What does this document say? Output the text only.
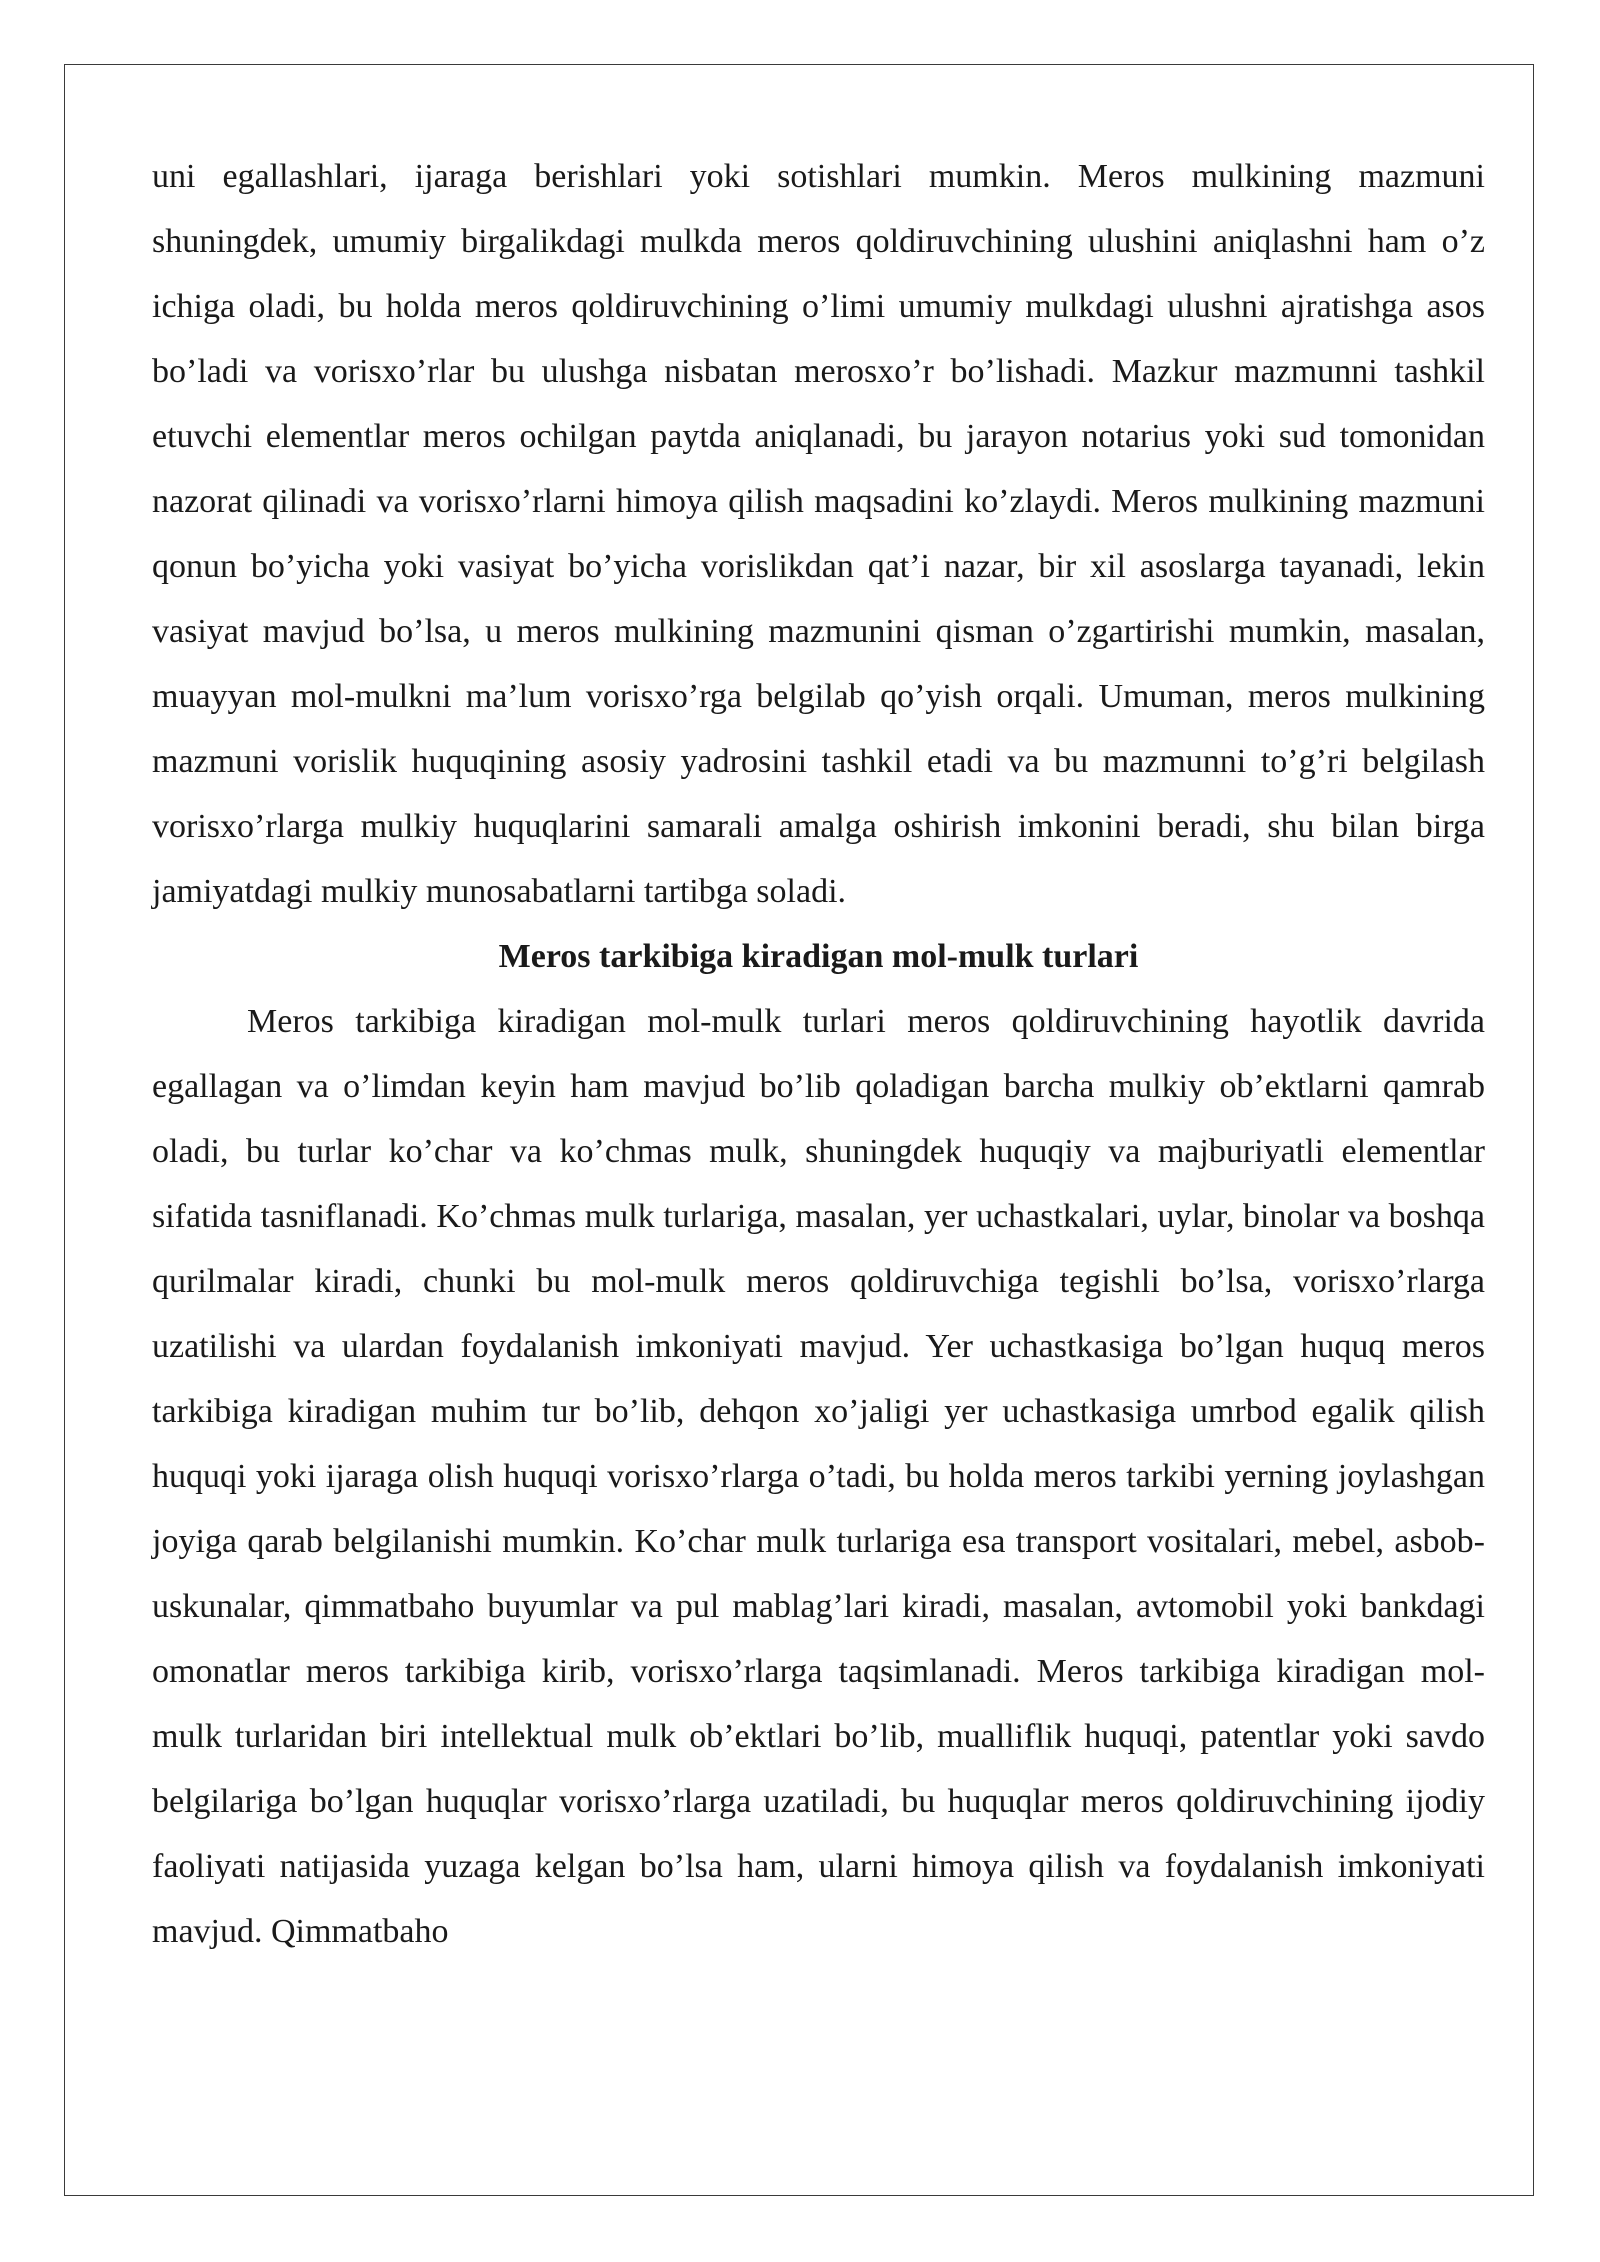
uni egallashlari, ijaraga berishlari yoki sotishlari mumkin. Meros mulkining mazmuni shuningdek, umumiy birgalikdagi mulkda meros qoldiruvchining ulushini aniqlashni ham o’z ichiga oladi, bu holda meros qoldiruvchining o’limi umumiy mulkdagi ulushni ajratishga asos bo’ladi va vorisxo’rlar bu ulushga nisbatan merosxo’r bo’lishadi. Mazkur mazmunni tashkil etuvchi elementlar meros ochilgan paytda aniqlanadi, bu jarayon notarius yoki sud tomonidan nazorat qilinadi va vorisxo’rlarni himoya qilish maqsadini ko’zlaydi. Meros mulkining mazmuni qonun bo’yicha yoki vasiyat bo’yicha vorislikdan qat’i nazar, bir xil asoslarga tayanadi, lekin vasiyat mavjud bo’lsa, u meros mulkining mazmunini qisman o’zgartirishi mumkin, masalan, muayyan mol-mulkni ma’lum vorisxo’rga belgilab qo’yish orqali. Umuman, meros mulkining mazmuni vorislik huquqining asosiy yadrosini tashkil etadi va bu mazmunni to’g’ri belgilash vorisxo’rlarga mulkiy huquqlarini samarali amalga oshirish imkonini beradi, shu bilan birga jamiyatdagi mulkiy munosabatlarni tartibga soladi.

Meros tarkibiga kiradigan mol-mulk turlari

Meros tarkibiga kiradigan mol-mulk turlari meros qoldiruvchining hayotlik davrida egallagan va o’limdan keyin ham mavjud bo’lib qoladigan barcha mulkiy ob’ektlarni qamrab oladi, bu turlar ko’char va ko’chmas mulk, shuningdek huquqiy va majburiyatli elementlar sifatida tasniflanadi. Ko’chmas mulk turlariga, masalan, yer uchastkalari, uylar, binolar va boshqa qurilmalar kiradi, chunki bu mol-mulk meros qoldiruvchiga tegishli bo’lsa, vorisxo’rlarga uzatilishi va ulardan foydalanish imkoniyati mavjud. Yer uchastkasiga bo’lgan huquq meros tarkibiga kiradigan muhim tur bo’lib, dehqon xo’jaligi yer uchastkasiga umrbod egalik qilish huquqi yoki ijaraga olish huquqi vorisxo’rlarga o’tadi, bu holda meros tarkibi yerning joylashgan joyiga qarab belgilanishi mumkin. Ko’char mulk turlariga esa transport vositalari, mebel, asbob-uskunalar, qimmatbaho buyumlar va pul mablag’lari kiradi, masalan, avtomobil yoki bankdagi omonatlar meros tarkibiga kirib, vorisxo’rlarga taqsimlanadi. Meros tarkibiga kiradigan mol-mulk turlaridan biri intellektual mulk ob’ektlari bo’lib, mualliflik huquqi, patentlar yoki savdo belgilariga bo’lgan huquqlar vorisxo’rlarga uzatiladi, bu huquqlar meros qoldiruvchining ijodiy faoliyati natijasida yuzaga kelgan bo’lsa ham, ularni himoya qilish va foydalanish imkoniyati mavjud. Qimmatbaho
